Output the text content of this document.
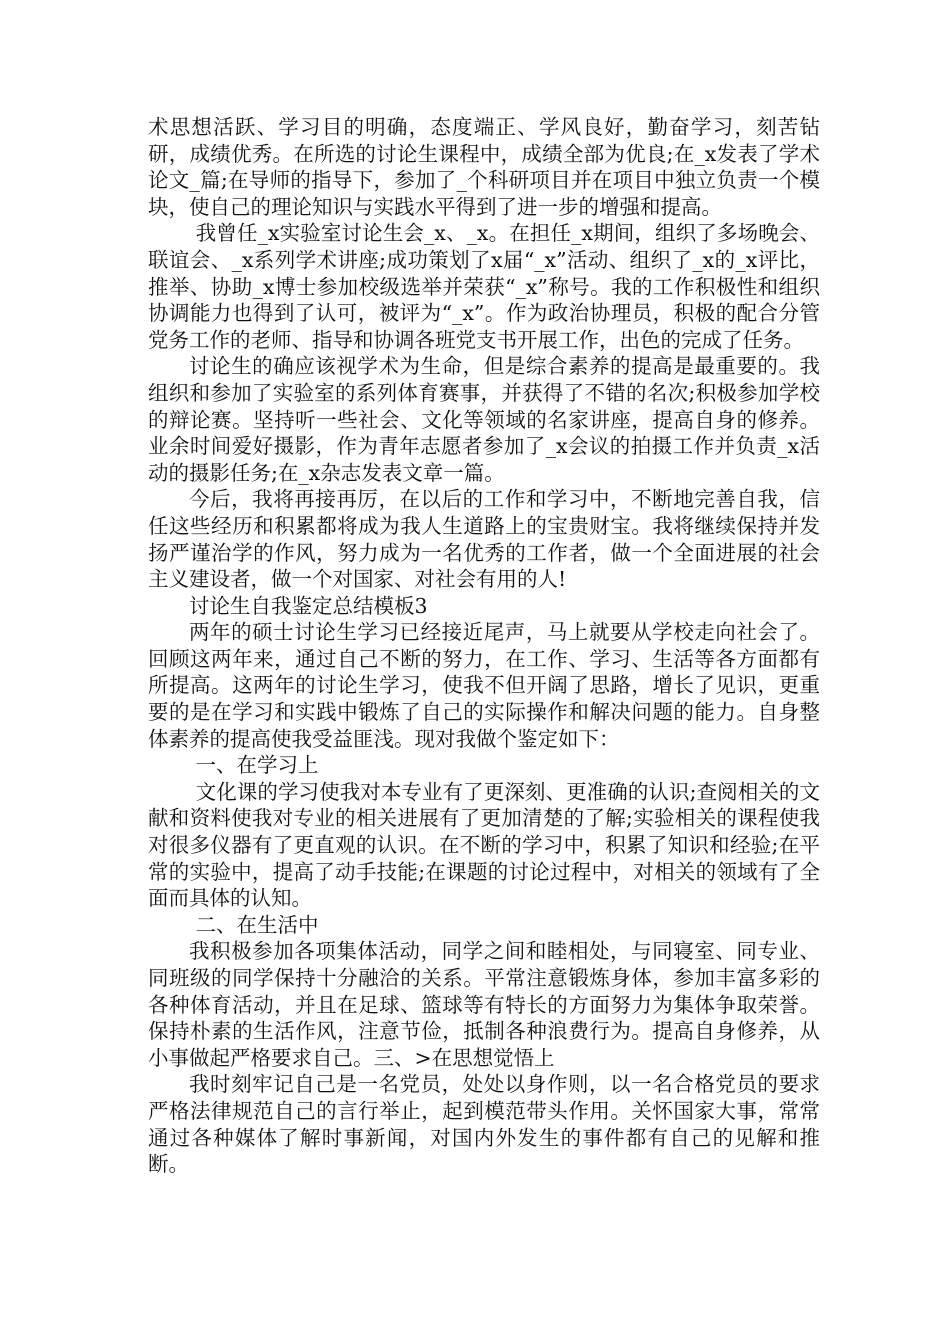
术思想活跃、学习目的明确，态度端正、学风良好，勤奋学习，刻苦钻研，成绩优秀。在所选的讨论生课程中，成绩全部为优良;在_x发表了学术论文_篇;在导师的指导下，参加了_个科研项目并在项目中独立负责一个模块，使自己的理论知识与实践水平得到了进一步的增强和提高。

我曾任_x实验室讨论生会_x、_x。在担任_x期间，组织了多场晚会、联谊会、_x系列学术讲座;成功策划了x届“_x”活动、组织了_x的_x评比，推举、协助_x博士参加校级选举并荣获“_x”称号。我的工作积极性和组织协调能力也得到了认可，被评为“_x”。作为政治协理员，积极的配合分管党务工作的老师、指导和协调各班党支书开展工作，出色的完成了任务。

讨论生的确应该视学术为生命，但是综合素养的提高是最重要的。我组织和参加了实验室的系列体育赛事，并获得了不错的名次;积极参加学校的辩论赛。坚持听一些社会、文化等领域的名家讲座，提高自身的修养。业余时间爱好摄影，作为青年志愿者参加了_x会议的拍摄工作并负责_x活动的摄影任务;在_x杂志发表文章一篇。

今后，我将再接再厉，在以后的工作和学习中，不断地完善自我，信任这些经历和积累都将成为我人生道路上的宝贵财宝。我将继续保持并发扬严谨治学的作风，努力成为一名优秀的工作者，做一个全面进展的社会主义建设者，做一个对国家、对社会有用的人!

讨论生自我鉴定总结模板3

两年的硕士讨论生学习已经接近尾声，马上就要从学校走向社会了。回顾这两年来，通过自己不断的努力，在工作、学习、生活等各方面都有所提高。这两年的讨论生学习，使我不但开阔了思路，增长了见识，更重要的是在学习和实践中锻炼了自己的实际操作和解决问题的能力。自身整体素养的提高使我受益匪浅。现对我做个鉴定如下：

一、在学习上

文化课的学习使我对本专业有了更深刻、更准确的认识;查阅相关的文献和资料使我对专业的相关进展有了更加清楚的了解;实验相关的课程使我对很多仪器有了更直观的认识。在不断的学习中，积累了知识和经验;在平常的实验中，提高了动手技能;在课题的讨论过程中，对相关的领域有了全面而具体的认知。

二、在生活中

我积极参加各项集体活动，同学之间和睦相处，与同寝室、同专业、同班级的同学保持十分融洽的关系。平常注意锻炼身体，参加丰富多彩的各种体育活动，并且在足球、篮球等有特长的方面努力为集体争取荣誉。保持朴素的生活作风，注意节俭，抵制各种浪费行为。提高自身修养，从小事做起严格要求自己。三、>在思想觉悟上

我时刻牢记自己是一名党员，处处以身作则，以一名合格党员的要求严格法律规范自己的言行举止，起到模范带头作用。关怀国家大事，常常通过各种媒体了解时事新闻，对国内外发生的事件都有自己的见解和推断。
